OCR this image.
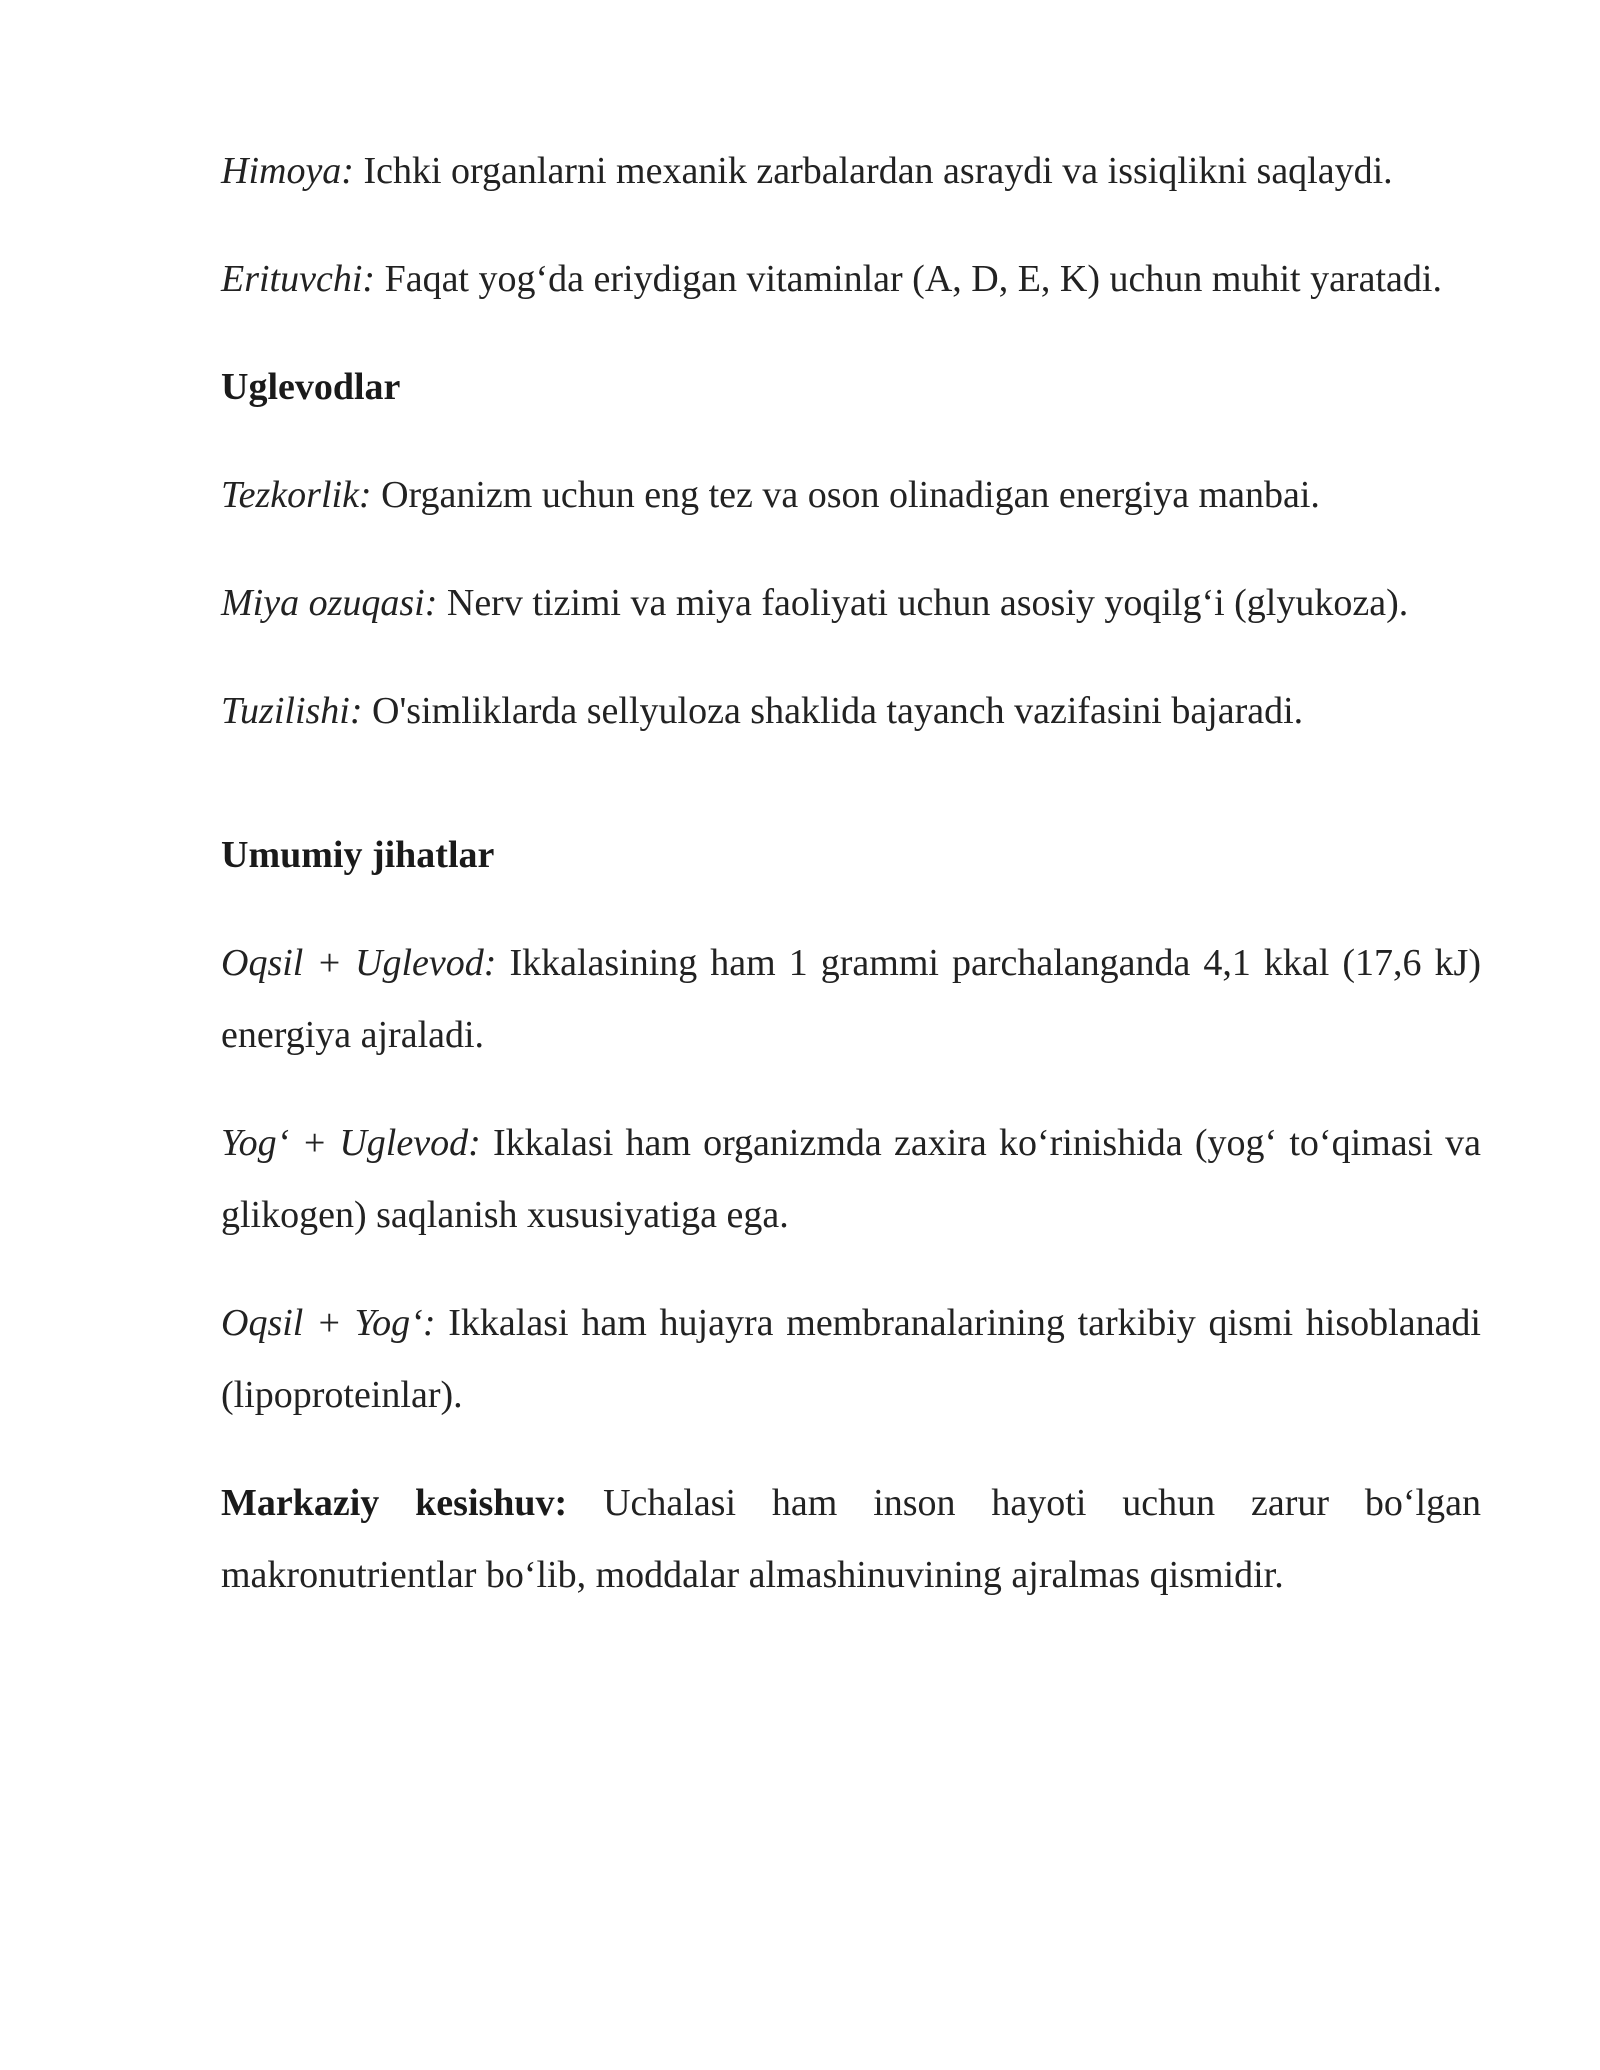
Himoya: Ichki organlarni mexanik zarbalardan asraydi va issiqlikni saqlaydi.

Erituvchi: Faqat yog‘da eriydigan vitaminlar (A, D, E, K) uchun muhit yaratadi.

Uglevodlar

Tezkorlik: Organizm uchun eng tez va oson olinadigan energiya manbai.

Miya ozuqasi: Nerv tizimi va miya faoliyati uchun asosiy yoqilg‘i (glyukoza).

Tuzilishi: O'simliklarda sellyuloza shaklida tayanch vazifasini bajaradi.

Umumiy jihatlar

Oqsil + Uglevod: Ikkalasining ham 1 grammi parchalanganda 4,1 kkal (17,6 kJ) energiya ajraladi.

Yog‘ + Uglevod: Ikkalasi ham organizmda zaxira ko‘rinishida (yog‘ to‘qimasi va glikogen) saqlanish xususiyatiga ega.

Oqsil + Yog‘: Ikkalasi ham hujayra membranalarining tarkibiy qismi hisoblanadi (lipoproteinlar).

Markaziy kesishuv: Uchalasi ham inson hayoti uchun zarur bo‘lgan makronutrientlar bo‘lib, moddalar almashinuvining ajralmas qismidir.
